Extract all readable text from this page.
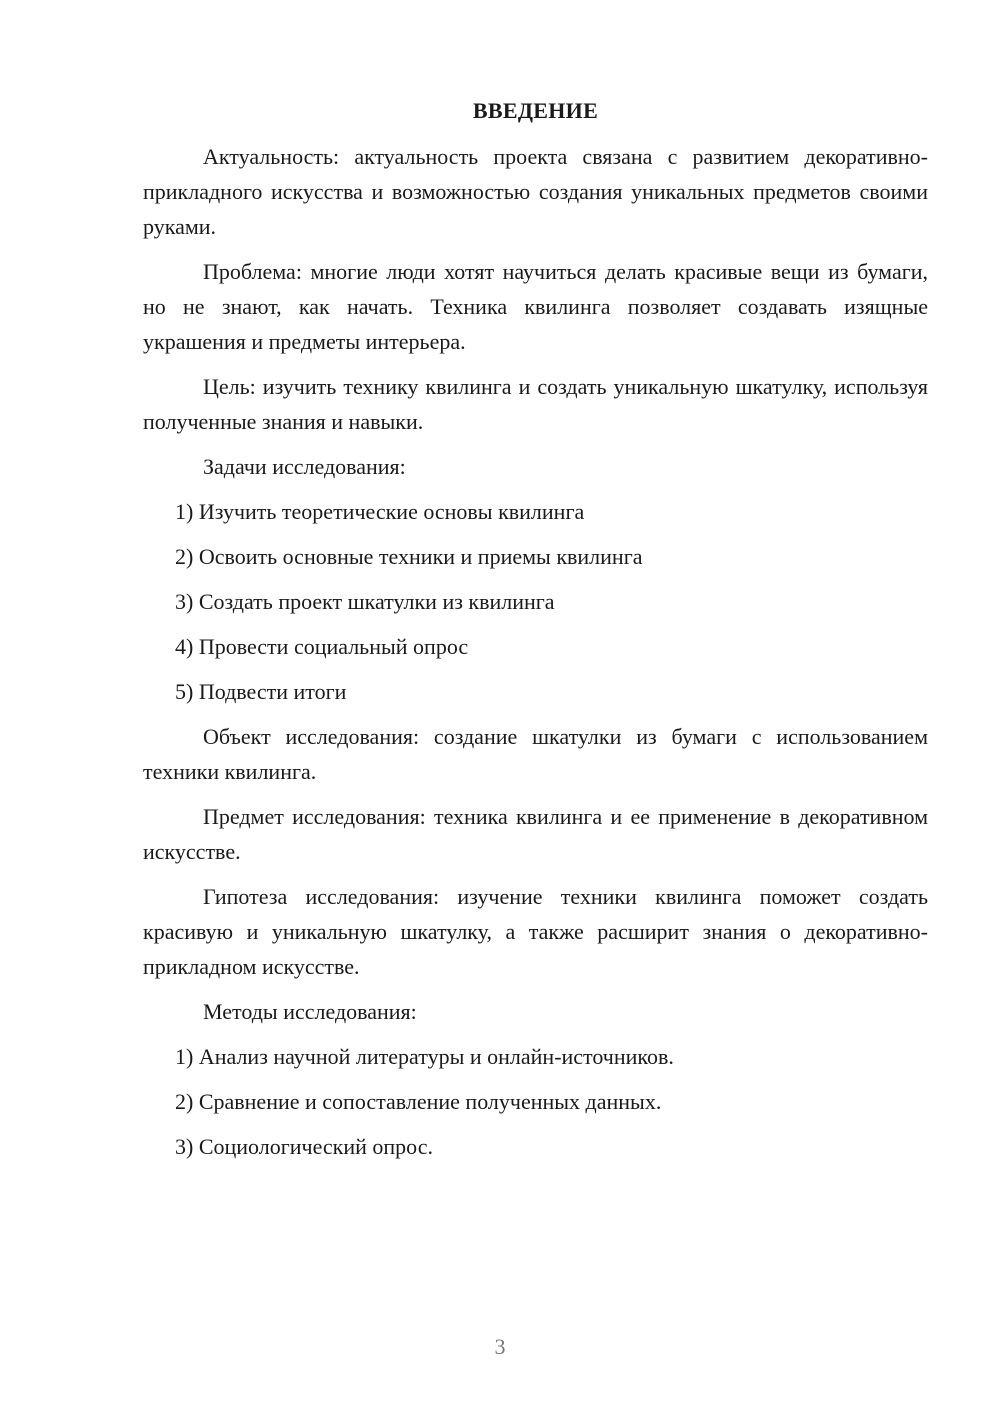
ВВЕДЕНИЕ

Актуальность: актуальность проекта связана с развитием декоративно-прикладного искусства и возможностью создания уникальных предметов своими руками.

Проблема: многие люди хотят научиться делать красивые вещи из бумаги, но не знают, как начать. Техника квилинга позволяет создавать изящные украшения и предметы интерьера.

Цель: изучить технику квилинга и создать уникальную шкатулку, используя полученные знания и навыки.

Задачи исследования:

1) Изучить теоретические основы квилинга

2) Освоить основные техники и приемы квилинга

3) Создать проект шкатулки из квилинга

4) Провести социальный опрос

5) Подвести итоги

Объект исследования: создание шкатулки из бумаги с использованием техники квилинга.

Предмет исследования: техника квилинга и ее применение в декоративном искусстве.

Гипотеза исследования: изучение техники квилинга поможет создать красивую и уникальную шкатулку, а также расширит знания о декоративно-прикладном искусстве.

Методы исследования:

1) Анализ научной литературы и онлайн-источников.

2) Сравнение и сопоставление полученных данных.

3) Социологический опрос.

3
